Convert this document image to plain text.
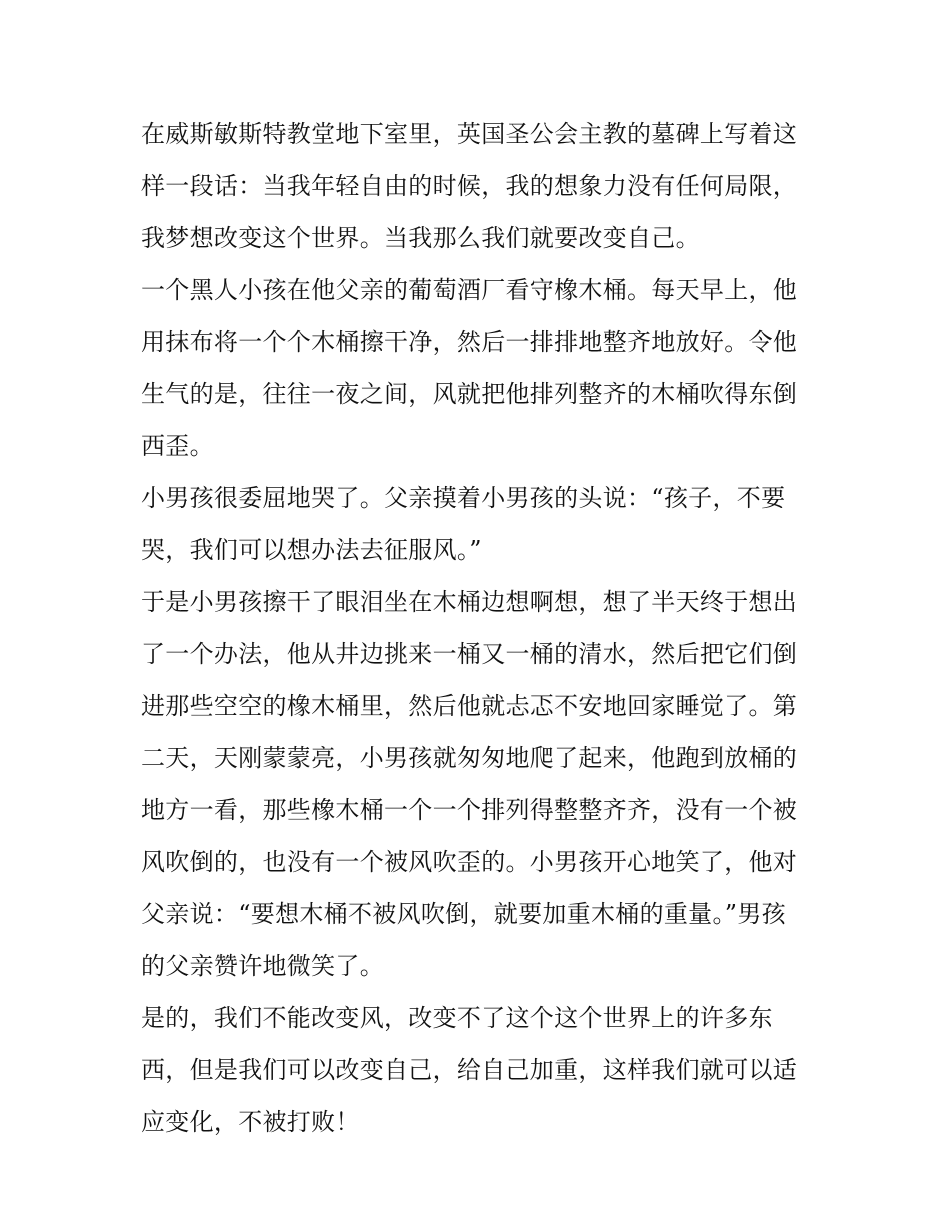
在威斯敏斯特教堂地下室里，英国圣公会主教的墓碑上写着这
样一段话：当我年轻自由的时候，我的想象力没有任何局限，
我梦想改变这个世界。当我那么我们就要改变自己。
一个黑人小孩在他父亲的葡萄酒厂看守橡木桶。每天早上，他
用抹布将一个个木桶擦干净，然后一排排地整齐地放好。令他
生气的是，往往一夜之间，风就把他排列整齐的木桶吹得东倒
西歪。
小男孩很委屈地哭了。父亲摸着小男孩的头说：“孩子，不要
哭，我们可以想办法去征服风。”
于是小男孩擦干了眼泪坐在木桶边想啊想，想了半天终于想出
了一个办法，他从井边挑来一桶又一桶的清水，然后把它们倒
进那些空空的橡木桶里，然后他就忐忑不安地回家睡觉了。第
二天，天刚蒙蒙亮，小男孩就匆匆地爬了起来，他跑到放桶的
地方一看，那些橡木桶一个一个排列得整整齐齐，没有一个被
风吹倒的，也没有一个被风吹歪的。小男孩开心地笑了，他对
父亲说：“要想木桶不被风吹倒，就要加重木桶的重量。”男孩
的父亲赞许地微笑了。
是的，我们不能改变风，改变不了这个这个世界上的许多东
西，但是我们可以改变自己，给自己加重，这样我们就可以适
应变化，不被打败！
